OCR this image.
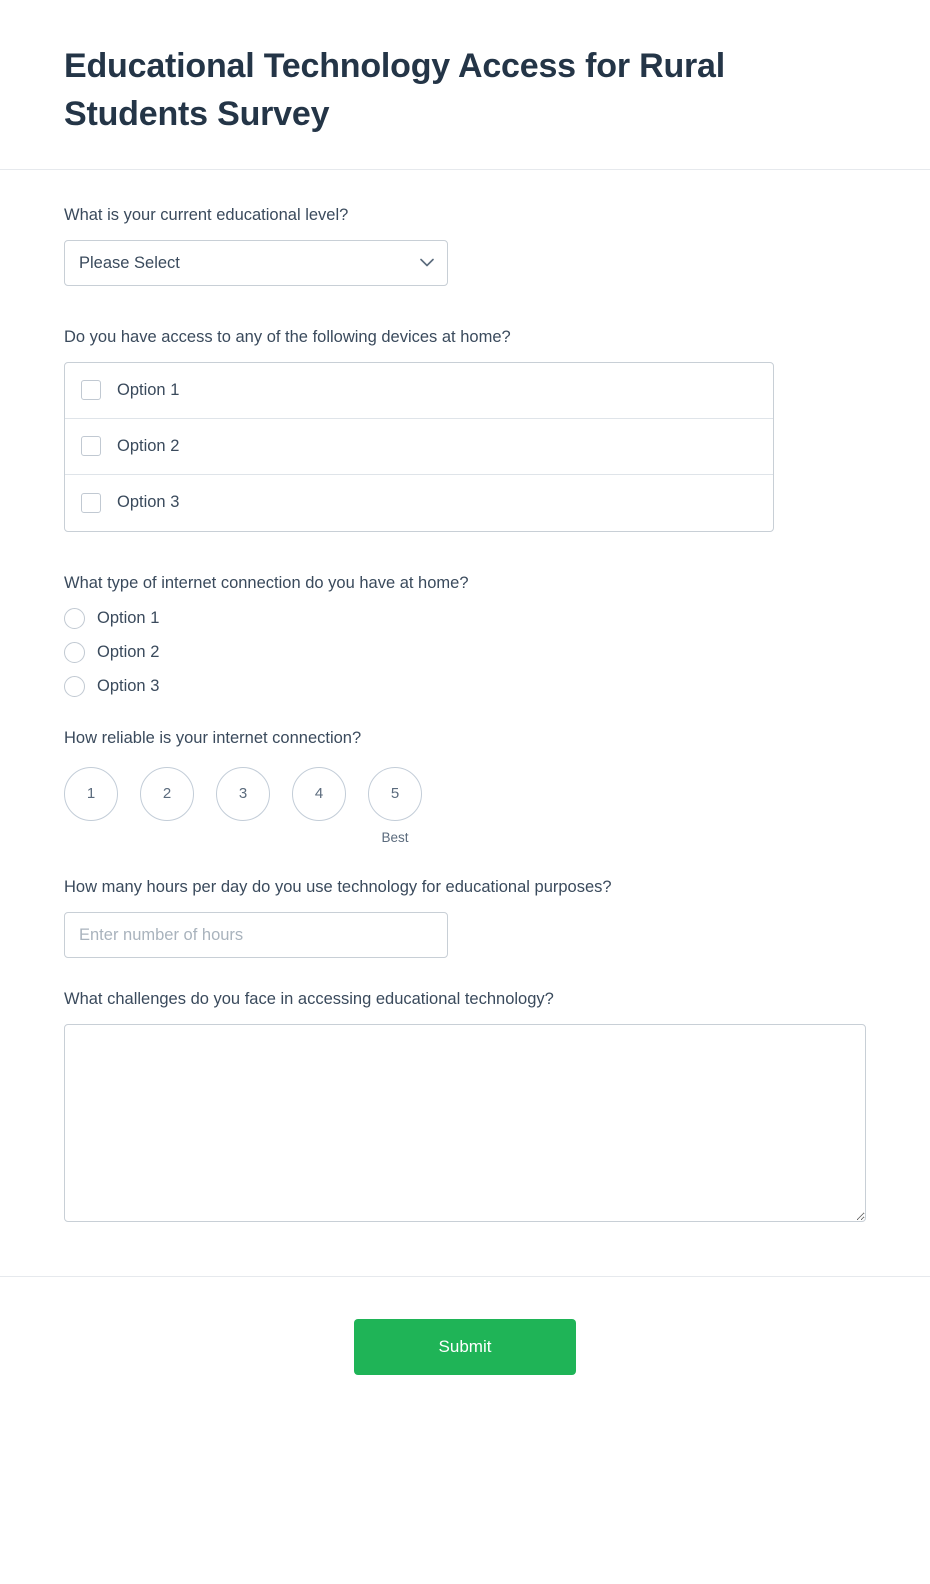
Educational Technology Access for Rural Students Survey
What is your current educational level?
Please Select
Do you have access to any of the following devices at home?
Option 1
Option 2
Option 3
What type of internet connection do you have at home?
Option 1
Option 2
Option 3
How reliable is your internet connection?
1	2	3	4	5
Best
How many hours per day do you use technology for educational purposes?
Enter number of hours
What challenges do you face in accessing educational technology?
Submit
